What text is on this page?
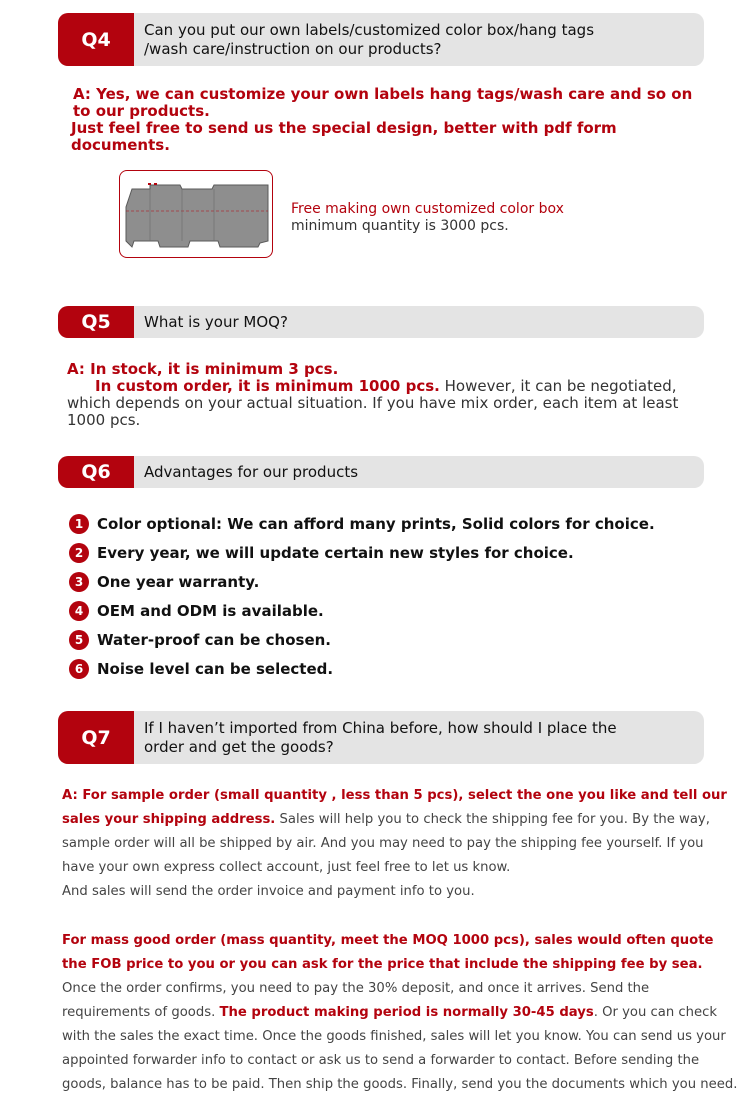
Q4	Can you put our own labels/customized color box/hang tags
/wash care/instruction on our products?
A: Yes, we can customize your own labels hang tags/wash care and so on to our products.
Just feel free to send us the special design, better with pdf form documents.
Free making own customized color box
minimum quantity is 3000 pcs.
Q5	What is your MOQ?
A: In stock, it is minimum 3 pcs.
In custom order, it is minimum 1000 pcs. However, it can be negotiated, which depends on your actual situation. If you have mix order, each item at least 1000 pcs.
Q6	Advantages for our products
1 Color optional: We can afford many prints, Solid colors for choice.
2 Every year, we will update certain new styles for choice.
3 One year warranty.
4 OEM and ODM is available.
5 Water-proof can be chosen.
6 Noise level can be selected.
Q7	If I haven’t imported from China before, how should I place the
order and get the goods?
A: For sample order (small quantity , less than 5 pcs), select the one you like and tell our sales your shipping address. Sales will help you to check the shipping fee for you. By the way, sample order will all be shipped by air. And you may need to pay the shipping fee yourself. If you have your own express collect account, just feel free to let us know.
And sales will send the order invoice and payment info to you.
For mass good order (mass quantity, meet the MOQ 1000 pcs), sales would often quote the FOB price to you or you can ask for the price that include the shipping fee by sea. Once the order confirms, you need to pay the 30% deposit, and once it arrives. Send the requirements of goods. The product making period is normally 30-45 days. Or you can check with the sales the exact time. Once the goods finished, sales will let you know. You can send us your appointed forwarder info to contact or ask us to send a forwarder to contact. Before sending the goods, balance has to be paid. Then ship the goods. Finally, send you the documents which you need.
